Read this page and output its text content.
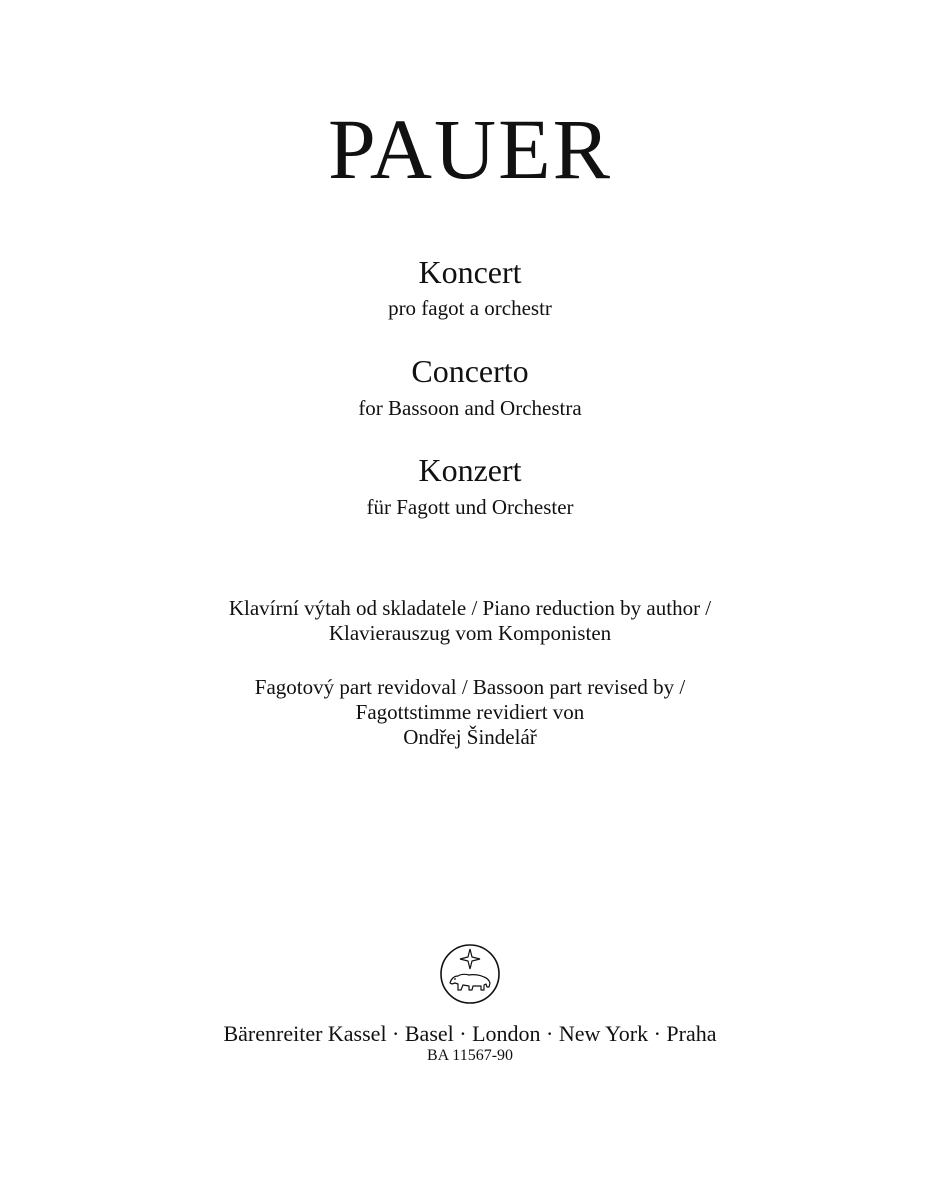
PAUER
Koncert
pro fagot a orchestr
Concerto
for Bassoon and Orchestra
Konzert
für Fagott und Orchester
Klavírní výtah od skladatele / Piano reduction by author /
Klavierauszug vom Komponisten
Fagotový part revidoval / Bassoon part revised by /
Fagottstimme revidiert von
Ondřej Šindelář
Bärenreiter Kassel · Basel · London · New York · Praha
BA 11567-90
